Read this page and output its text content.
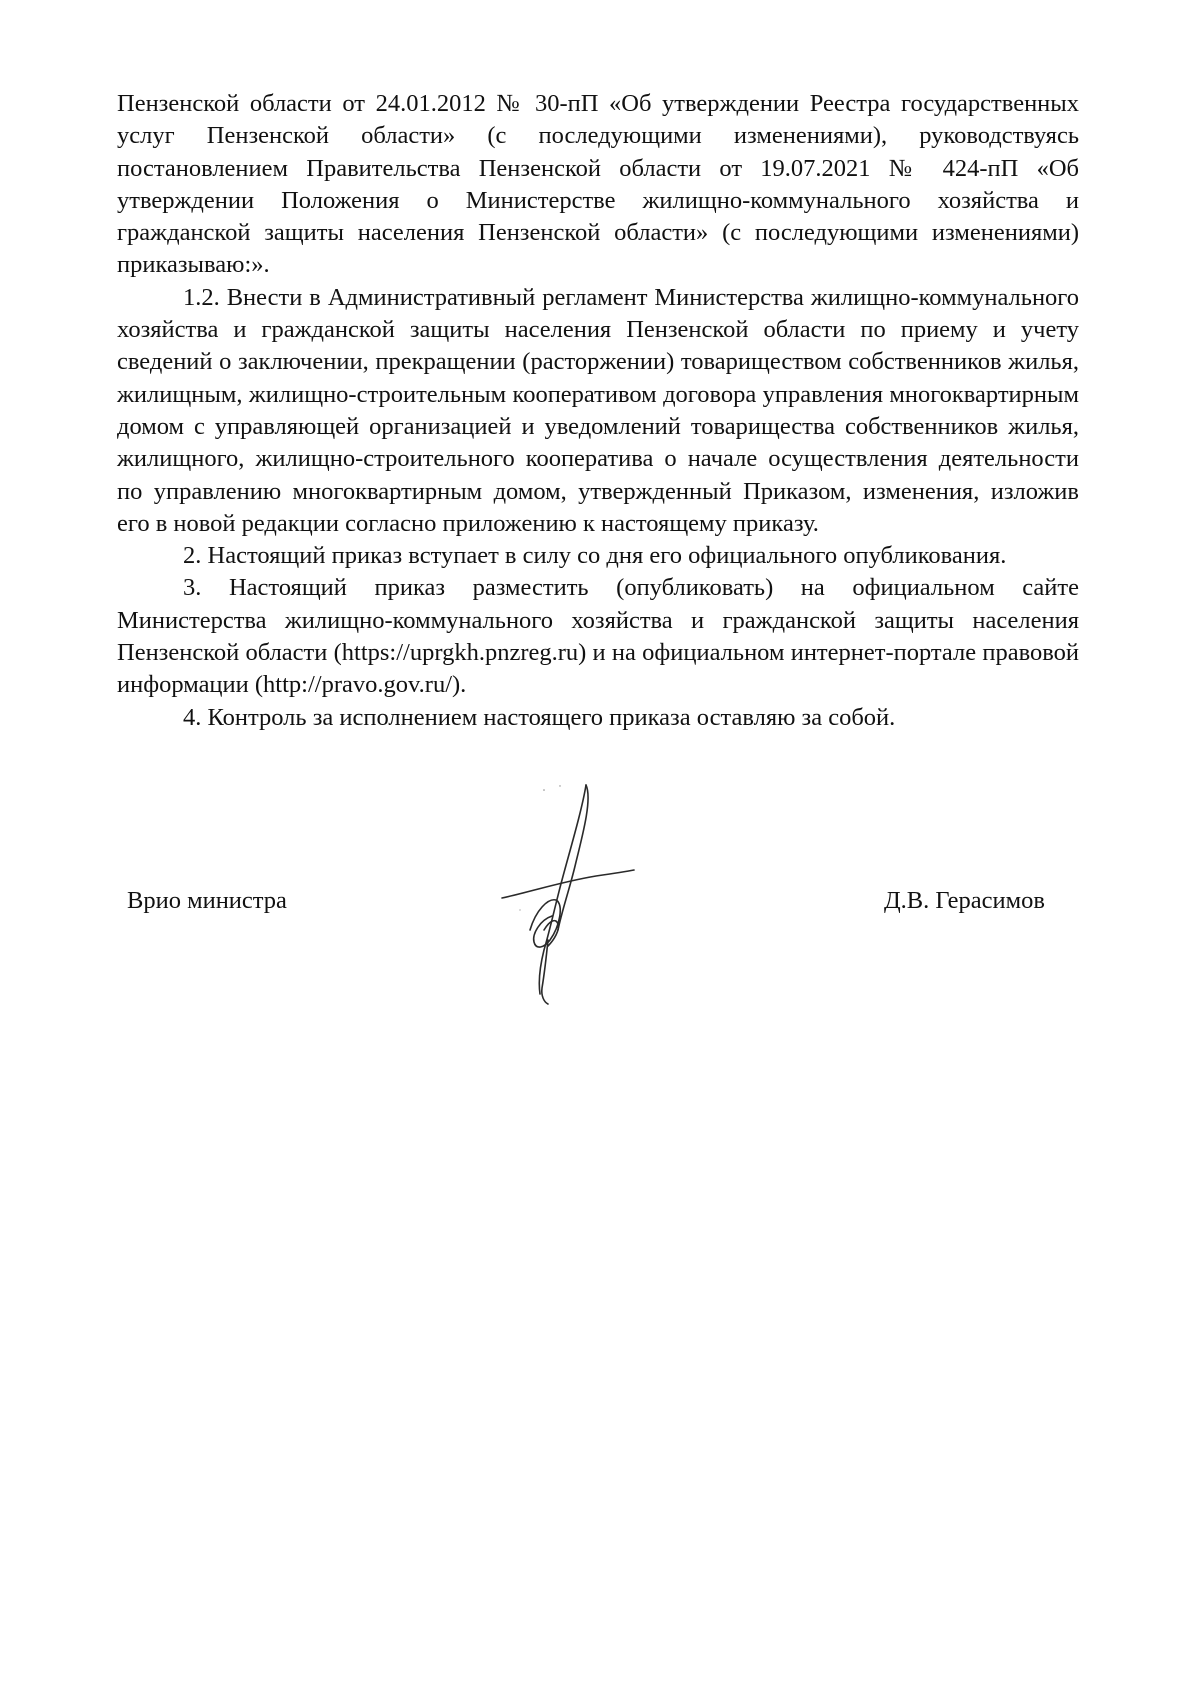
Пензенской области от 24.01.2012 № 30-пП «Об утверждении Реестра государственных услуг Пензенской области» (с последующими изменениями), руководствуясь постановлением Правительства Пензенской области от 19.07.2021 № 424-пП «Об утверждении Положения о Министерстве жилищно-коммунального хозяйства и гражданской защиты населения Пензенской области» (с последующими изменениями) приказываю:».

1.2. Внести в Административный регламент Министерства жилищно-коммунального хозяйства и гражданской защиты населения Пензенской области по приему и учету сведений о заключении, прекращении (расторжении) товариществом собственников жилья, жилищным, жилищно-строительным кооперативом договора управления многоквартирным домом с управляющей организацией и уведомлений товарищества собственников жилья, жилищного, жилищно-строительного кооператива о начале осуществления деятельности по управлению многоквартирным домом, утвержденный Приказом, изменения, изложив его в новой редакции согласно приложению к настоящему приказу.

2. Настоящий приказ вступает в силу со дня его официального опубликования.

3. Настоящий приказ разместить (опубликовать) на официальном сайте Министерства жилищно-коммунального хозяйства и гражданской защиты населения Пензенской области (https://uprgkh.pnzreg.ru) и на официальном интернет-портале правовой информации (http://pravo.gov.ru/).

4. Контроль за исполнением настоящего приказа оставляю за собой.

Врио министра	Д.В. Герасимов
